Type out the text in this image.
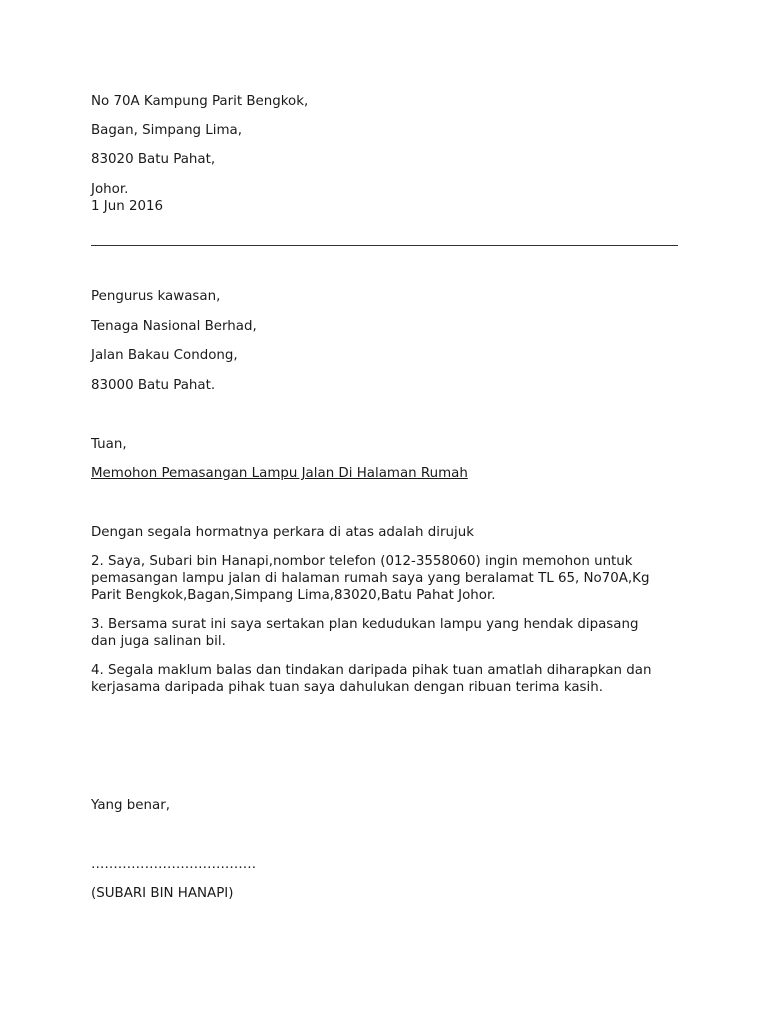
No 70A Kampung Parit Bengkok,

Bagan, Simpang Lima,

83020 Batu Pahat,

Johor.

1 Jun 2016

Pengurus kawasan,

Tenaga Nasional Berhad,

Jalan Bakau Condong,

83000 Batu Pahat.

Tuan,

Memohon Pemasangan Lampu Jalan Di Halaman Rumah

Dengan segala hormatnya perkara di atas adalah dirujuk

2. Saya, Subari bin Hanapi,nombor telefon (012-3558060) ingin memohon untuk
pemasangan lampu jalan di halaman rumah saya yang beralamat TL 65, No70A,Kg
Parit Bengkok,Bagan,Simpang Lima,83020,Batu Pahat Johor.
3. Bersama surat ini saya sertakan plan kedudukan lampu yang hendak dipasang
dan juga salinan bil.
4. Segala maklum balas dan tindakan daripada pihak tuan amatlah diharapkan dan
kerjasama daripada pihak tuan saya dahulukan dengan ribuan terima kasih.

Yang benar,

……………………………….

(SUBARI BIN HANAPI)
